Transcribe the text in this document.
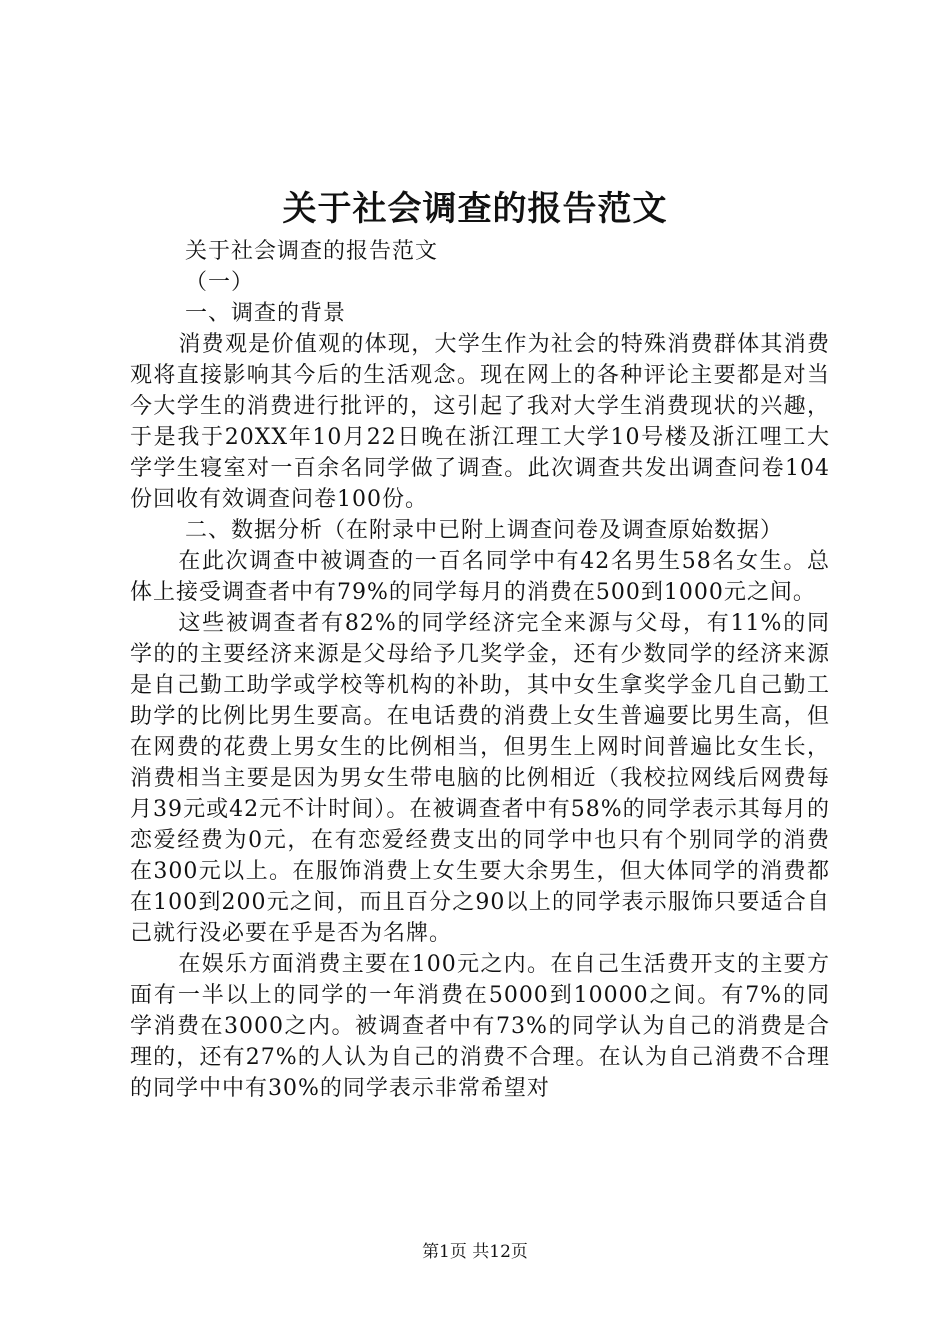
关于社会调查的报告范文

关于社会调查的报告范文

（一）

一、调查的背景

消费观是价值观的体现，大学生作为社会的特殊消费群体其消费观将直接影响其今后的生活观念。现在网上的各种评论主要都是对当今大学生的消费进行批评的，这引起了我对大学生消费现状的兴趣，于是我于20XX年10月22日晚在浙江理工大学10号楼及浙江哩工大学学生寝室对一百余名同学做了调查。此次调查共发出调查问卷104份回收有效调查问卷100份。

二、数据分析（在附录中已附上调查问卷及调查原始数据）

在此次调查中被调查的一百名同学中有42名男生58名女生。总体上接受调查者中有79%的同学每月的消费在500到1000元之间。

这些被调查者有82%的同学经济完全来源与父母，有11%的同学的的主要经济来源是父母给予几奖学金，还有少数同学的经济来源是自己勤工助学或学校等机构的补助，其中女生拿奖学金几自己勤工助学的比例比男生要高。在电话费的消费上女生普遍要比男生高，但在网费的花费上男女生的比例相当，但男生上网时间普遍比女生长，消费相当主要是因为男女生带电脑的比例相近（我校拉网线后网费每月39元或42元不计时间）。在被调查者中有58%的同学表示其每月的恋爱经费为0元，在有恋爱经费支出的同学中也只有个别同学的消费在300元以上。在服饰消费上女生要大余男生，但大体同学的消费都在100到200元之间，而且百分之90以上的同学表示服饰只要适合自己就行没必要在乎是否为名牌。

在娱乐方面消费主要在100元之内。在自己生活费开支的主要方面有一半以上的同学的一年消费在5000到10000之间。有7%的同学消费在3000之内。被调查者中有73%的同学认为自己的消费是合理的，还有27%的人认为自己的消费不合理。在认为自己消费不合理的同学中中有30%的同学表示非常希望对

第1页 共12页
